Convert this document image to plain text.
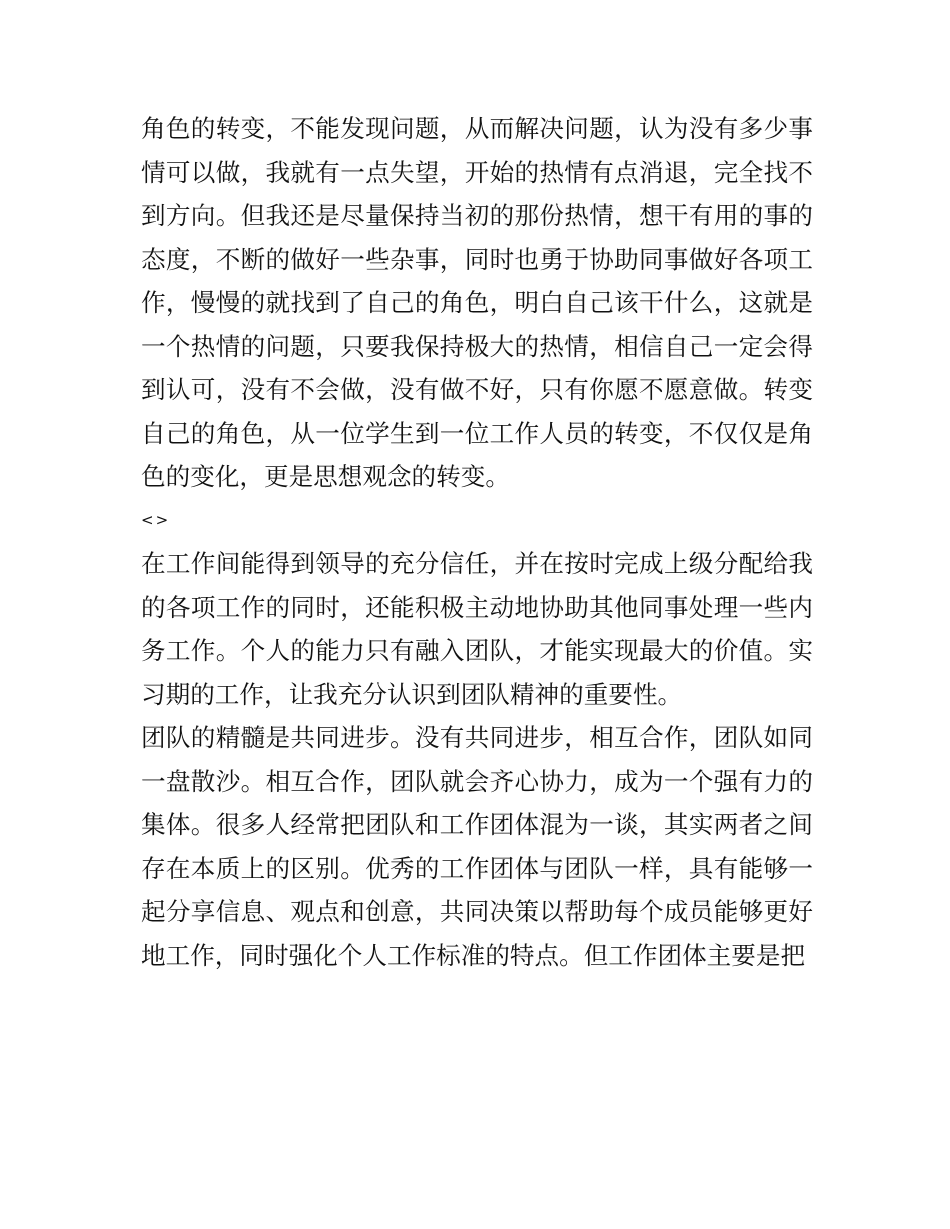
角色的转变，不能发现问题，从而解决问题，认为没有多少事情可以做，我就有一点失望，开始的热情有点消退，完全找不到方向。但我还是尽量保持当初的那份热情，想干有用的事的态度，不断的做好一些杂事，同时也勇于协助同事做好各项工作，慢慢的就找到了自己的角色，明白自己该干什么，这就是一个热情的问题，只要我保持极大的热情，相信自己一定会得到认可，没有不会做，没有做不好，只有你愿不愿意做。转变自己的角色，从一位学生到一位工作人员的转变，不仅仅是角色的变化，更是思想观念的转变。

<>

在工作间能得到领导的充分信任，并在按时完成上级分配给我的各项工作的同时，还能积极主动地协助其他同事处理一些内务工作。个人的能力只有融入团队，才能实现最大的价值。实习期的工作，让我充分认识到团队精神的重要性。

团队的精髓是共同进步。没有共同进步，相互合作，团队如同一盘散沙。相互合作，团队就会齐心协力，成为一个强有力的集体。很多人经常把团队和工作团体混为一谈，其实两者之间存在本质上的区别。优秀的工作团体与团队一样，具有能够一起分享信息、观点和创意，共同决策以帮助每个成员能够更好地工作，同时强化个人工作标准的特点。但工作团体主要是把
